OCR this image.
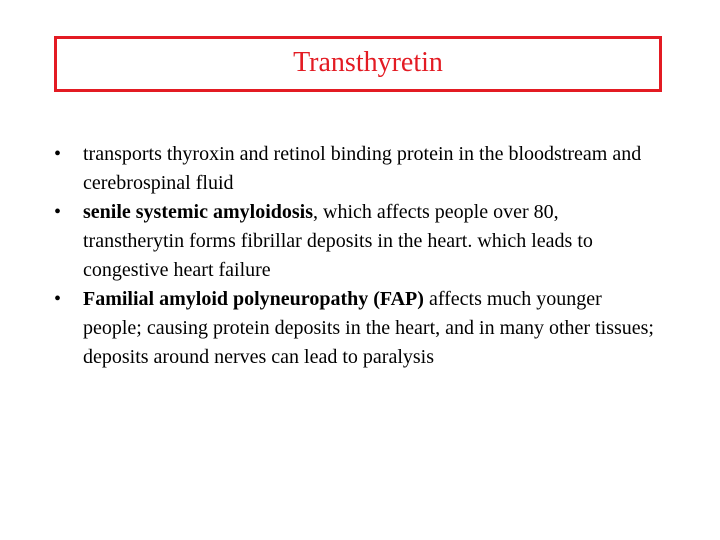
Transthyretin
•	transports thyroxin and retinol binding protein in the bloodstream and cerebrospinal fluid
•	senile systemic amyloidosis, which affects people over 80, transtherytin forms fibrillar deposits in the heart. which leads to congestive heart failure
•	Familial amyloid polyneuropathy (FAP) affects much younger people; causing protein deposits in the heart, and in many other tissues; deposits around nerves can lead to paralysis
